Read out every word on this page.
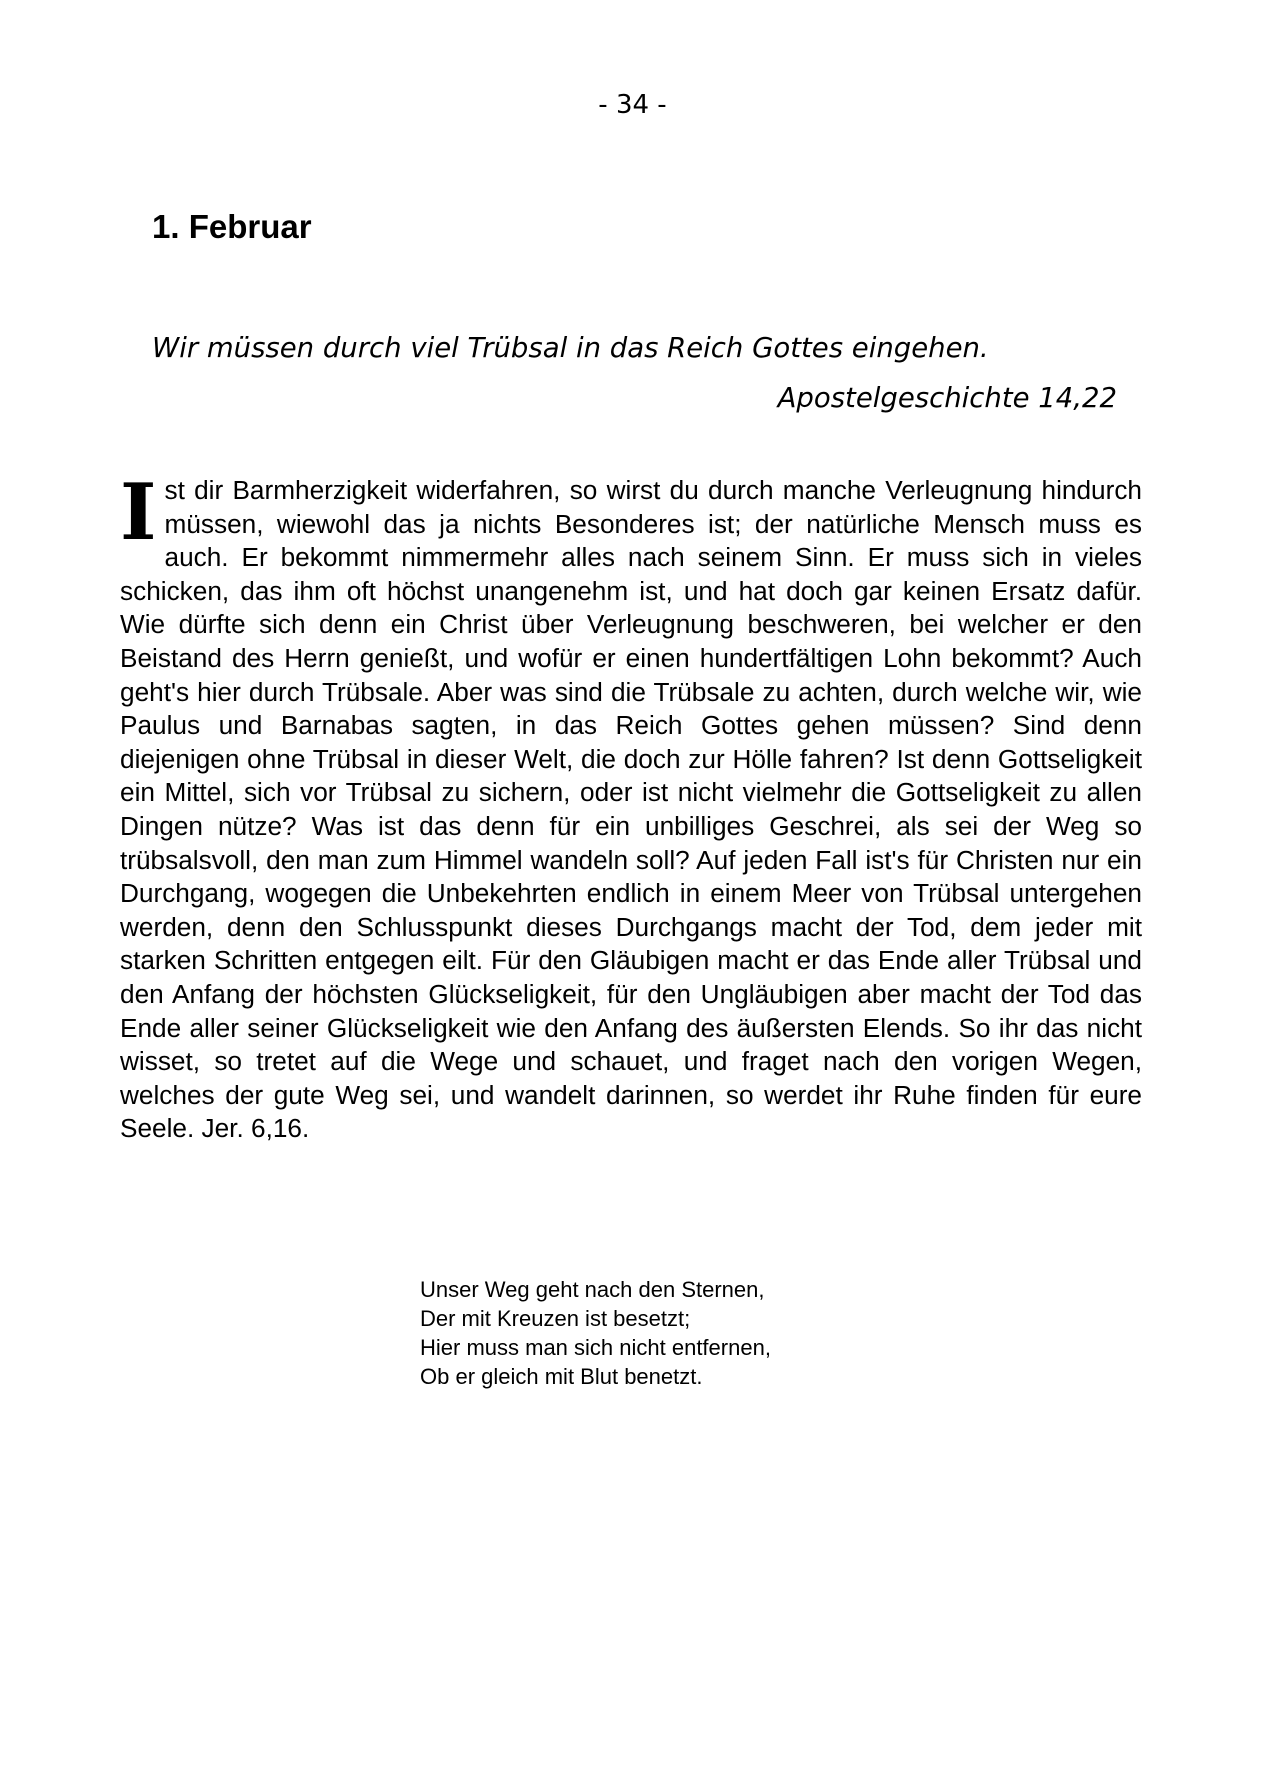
- 34 -
1. Februar
Wir müssen durch viel Trübsal in das Reich Gottes eingehen.
Apostelgeschichte 14,22

Ist dir Barmherzigkeit widerfahren, so wirst du durch manche Verleugnung hindurch müssen, wiewohl das ja nichts Besonderes ist; der natürliche Mensch muss es auch. Er bekommt nimmermehr alles nach seinem Sinn. Er muss sich in vieles schicken, das ihm oft höchst unangenehm ist, und hat doch gar keinen Ersatz dafür. Wie dürfte sich denn ein Christ über Verleugnung beschweren, bei welcher er den Beistand des Herrn genießt, und wofür er einen hundertfältigen Lohn bekommt? Auch geht's hier durch Trübsale. Aber was sind die Trübsale zu achten, durch welche wir, wie Paulus und Barnabas sagten, in das Reich Gottes gehen müssen? Sind denn diejenigen ohne Trübsal in dieser Welt, die doch zur Hölle fahren? Ist denn Gottseligkeit ein Mittel, sich vor Trübsal zu sichern, oder ist nicht vielmehr die Gottseligkeit zu allen Dingen nütze? Was ist das denn für ein unbilliges Geschrei, als sei der Weg so trübsalsvoll, den man zum Himmel wandeln soll? Auf jeden Fall ist's für Christen nur ein Durchgang, wogegen die Unbekehrten endlich in einem Meer von Trübsal untergehen werden, denn den Schlusspunkt dieses Durchgangs macht der Tod, dem jeder mit starken Schritten entgegen eilt. Für den Gläubigen macht er das Ende aller Trübsal und den Anfang der höchsten Glückseligkeit, für den Ungläubigen aber macht der Tod das Ende aller seiner Glückseligkeit wie den Anfang des äußersten Elends. So ihr das nicht wisset, so tretet auf die Wege und schauet, und fraget nach den vorigen Wegen, welches der gute Weg sei, und wandelt darinnen, so werdet ihr Ruhe finden für eure Seele. Jer. 6,16.

Unser Weg geht nach den Sternen,
Der mit Kreuzen ist besetzt;
Hier muss man sich nicht entfernen,
Ob er gleich mit Blut benetzt.
